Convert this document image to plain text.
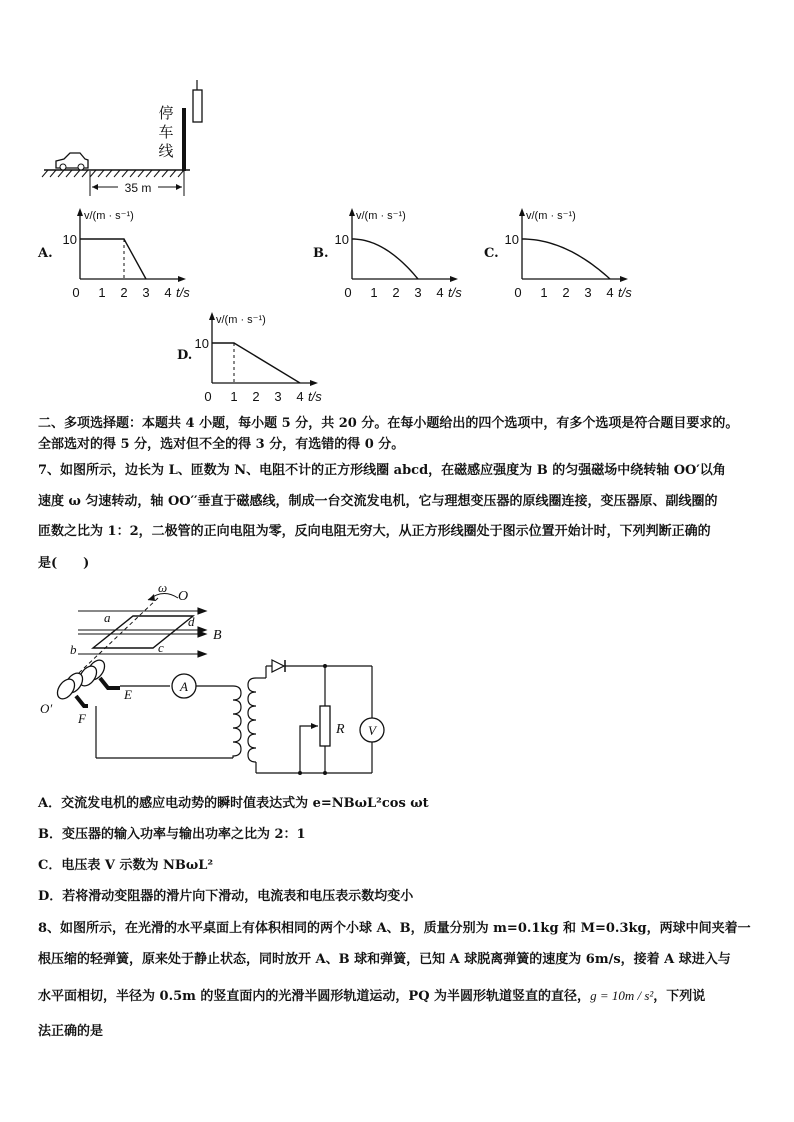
35 m
停车线
A.
v/(m · s⁻¹)
10
0 1 2 3 4 t/s
B.
v/(m · s⁻¹)
10
0 1 2 3 4 t/s
C.
v/(m · s⁻¹)
10
0 1 2 3 4 t/s
D.
v/(m · s⁻¹)
10
0 1 2 3 4 t/s
二、多项选择题：本题共 4 小题，每小题 5 分，共 20 分。在每小题给出的四个选项中，有多个选项是符合题目要求的。
全部选对的得 5 分，选对但不全的得 3 分，有选错的得 0 分。
7、如图所示，边长为 L、匝数为 N、电阻不计的正方形线圈 abcd，在磁感应强度为 B 的匀强磁场中绕转轴 OO′以角
速度 ω 匀速转动，轴 OO′′垂直于磁感线，制成一台交流发电机，它与理想变压器的原线圈连接，变压器原、副线圈的
匝数之比为 1：2，二极管的正向电阻为零，反向电阻无穷大，从正方形线圈处于图示位置开始计时，下列判断正确的
是(　　)
ω
O
a	d
b	c
B
E
F
O′
A
R V
A．交流发电机的感应电动势的瞬时值表达式为 e=NBωL²cos ωt
B．变压器的输入功率与输出功率之比为 2：1
C．电压表 V 示数为 NBωL²
D．若将滑动变阻器的滑片向下滑动，电流表和电压表示数均变小
8、如图所示，在光滑的水平桌面上有体积相同的两个小球 A、B，质量分别为 m=0.1kg 和 M=0.3kg，两球中间夹着一
根压缩的轻弹簧，原来处于静止状态，同时放开 A、B 球和弹簧，已知 A 球脱离弹簧的速度为 6m/s，接着 A 球进入与
水平面相切，半径为 0.5m 的竖直面内的光滑半圆形轨道运动，PQ 为半圆形轨道竖直的直径，g = 10m / s²，下列说
法正确的是
